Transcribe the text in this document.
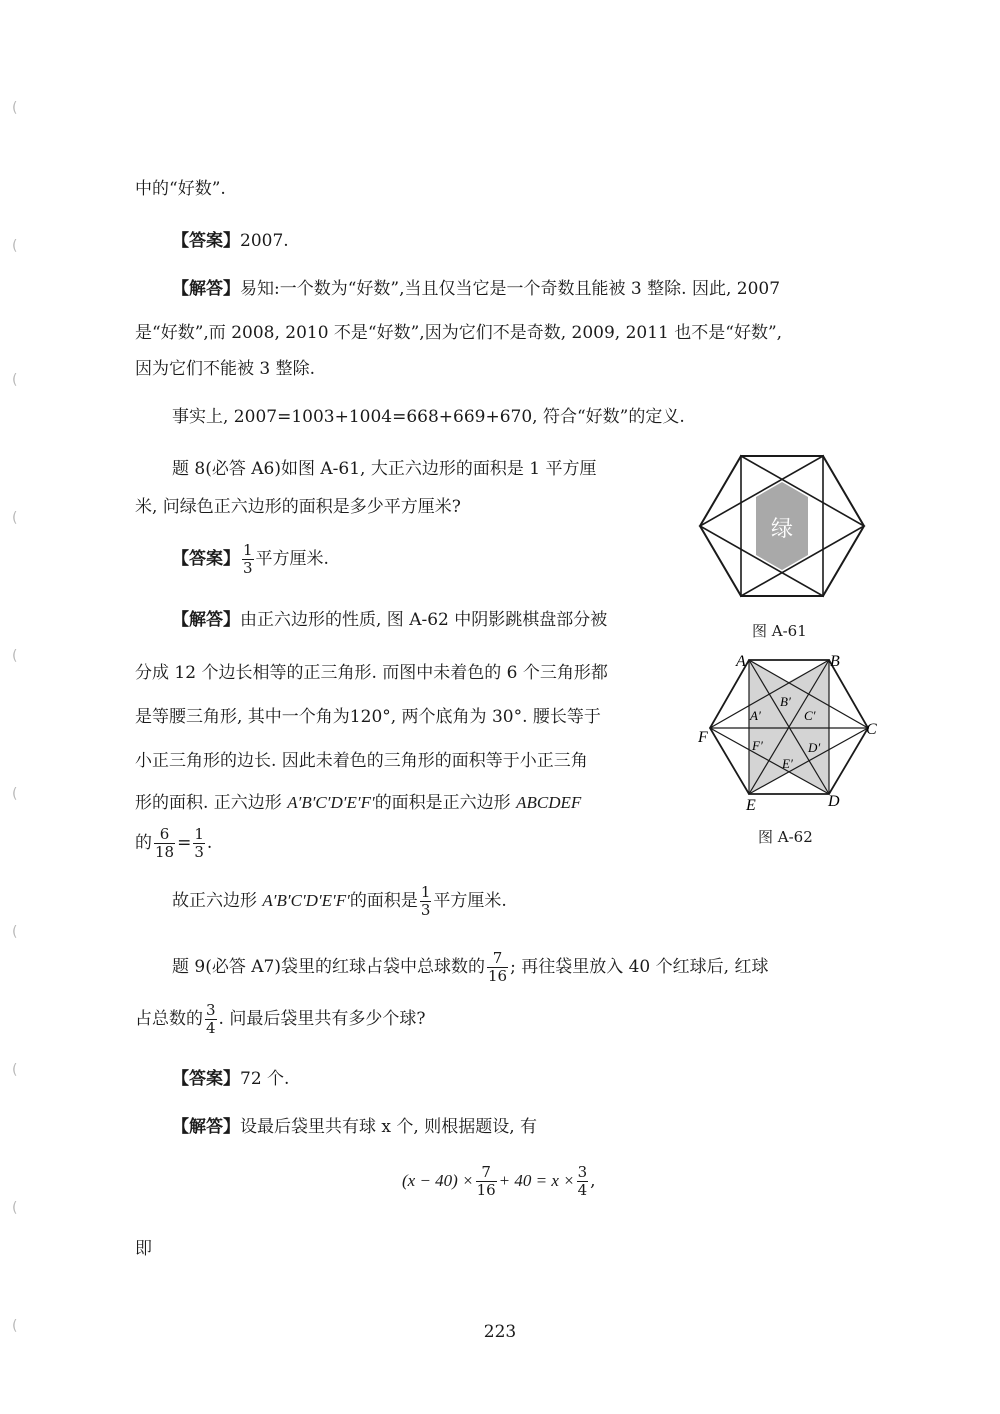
(
(
(
(
(
(
(
(
(
(

中的“好数”.

【答案】2007.

【解答】易知:一个数为“好数”,当且仅当它是一个奇数且能被 3 整除. 因此, 2007

是“好数”,而 2008, 2010 不是“好数”,因为它们不是奇数, 2009, 2011 也不是“好数”,

因为它们不能被 3 整除.

事实上, 2007=1003+1004=668+669+670, 符合“好数”的定义.

题 8(必答 A6)如图 A-61, 大正六边形的面积是 1 平方厘

米, 问绿色正六边形的面积是多少平方厘米?

【答案】 $\frac{1}{3}$ 平方厘米.

【解答】由正六边形的性质, 图 A-62 中阴影跳棋盘部分被

分成 12 个边长相等的正三角形. 而图中未着色的 6 个三角形都

是等腰三角形, 其中一个角为120°, 两个底角为 30°. 腰长等于

小正三角形的边长. 因此未着色的三角形的面积等于小正三角

形的面积. 正六边形 A′B′C′D′E′F′的面积是正六边形 ABCDEF

的 $\frac{6}{18} = \frac{1}{3}$ .

故正六边形 A′B′C′D′E′F′的面积是 $\frac{1}{3}$ 平方厘米.

绿
图 A-61
A	B
C
D
E
F
A′
B′
C′
D′
E′
F′
图 A-62

题 9(必答 A7)袋里的红球占袋中总球数的 $\frac{7}{16}$ ; 再往袋里放入 40 个红球后, 红球

占总数的 $\frac{3}{4}$ . 问最后袋里共有多少个球?

【答案】72 个.

【解答】设最后袋里共有球 x 个, 则根据题设, 有

$(x - 40) \times \frac{7}{16} + 40 = x \times \frac{3}{4}$ ,

即

223
